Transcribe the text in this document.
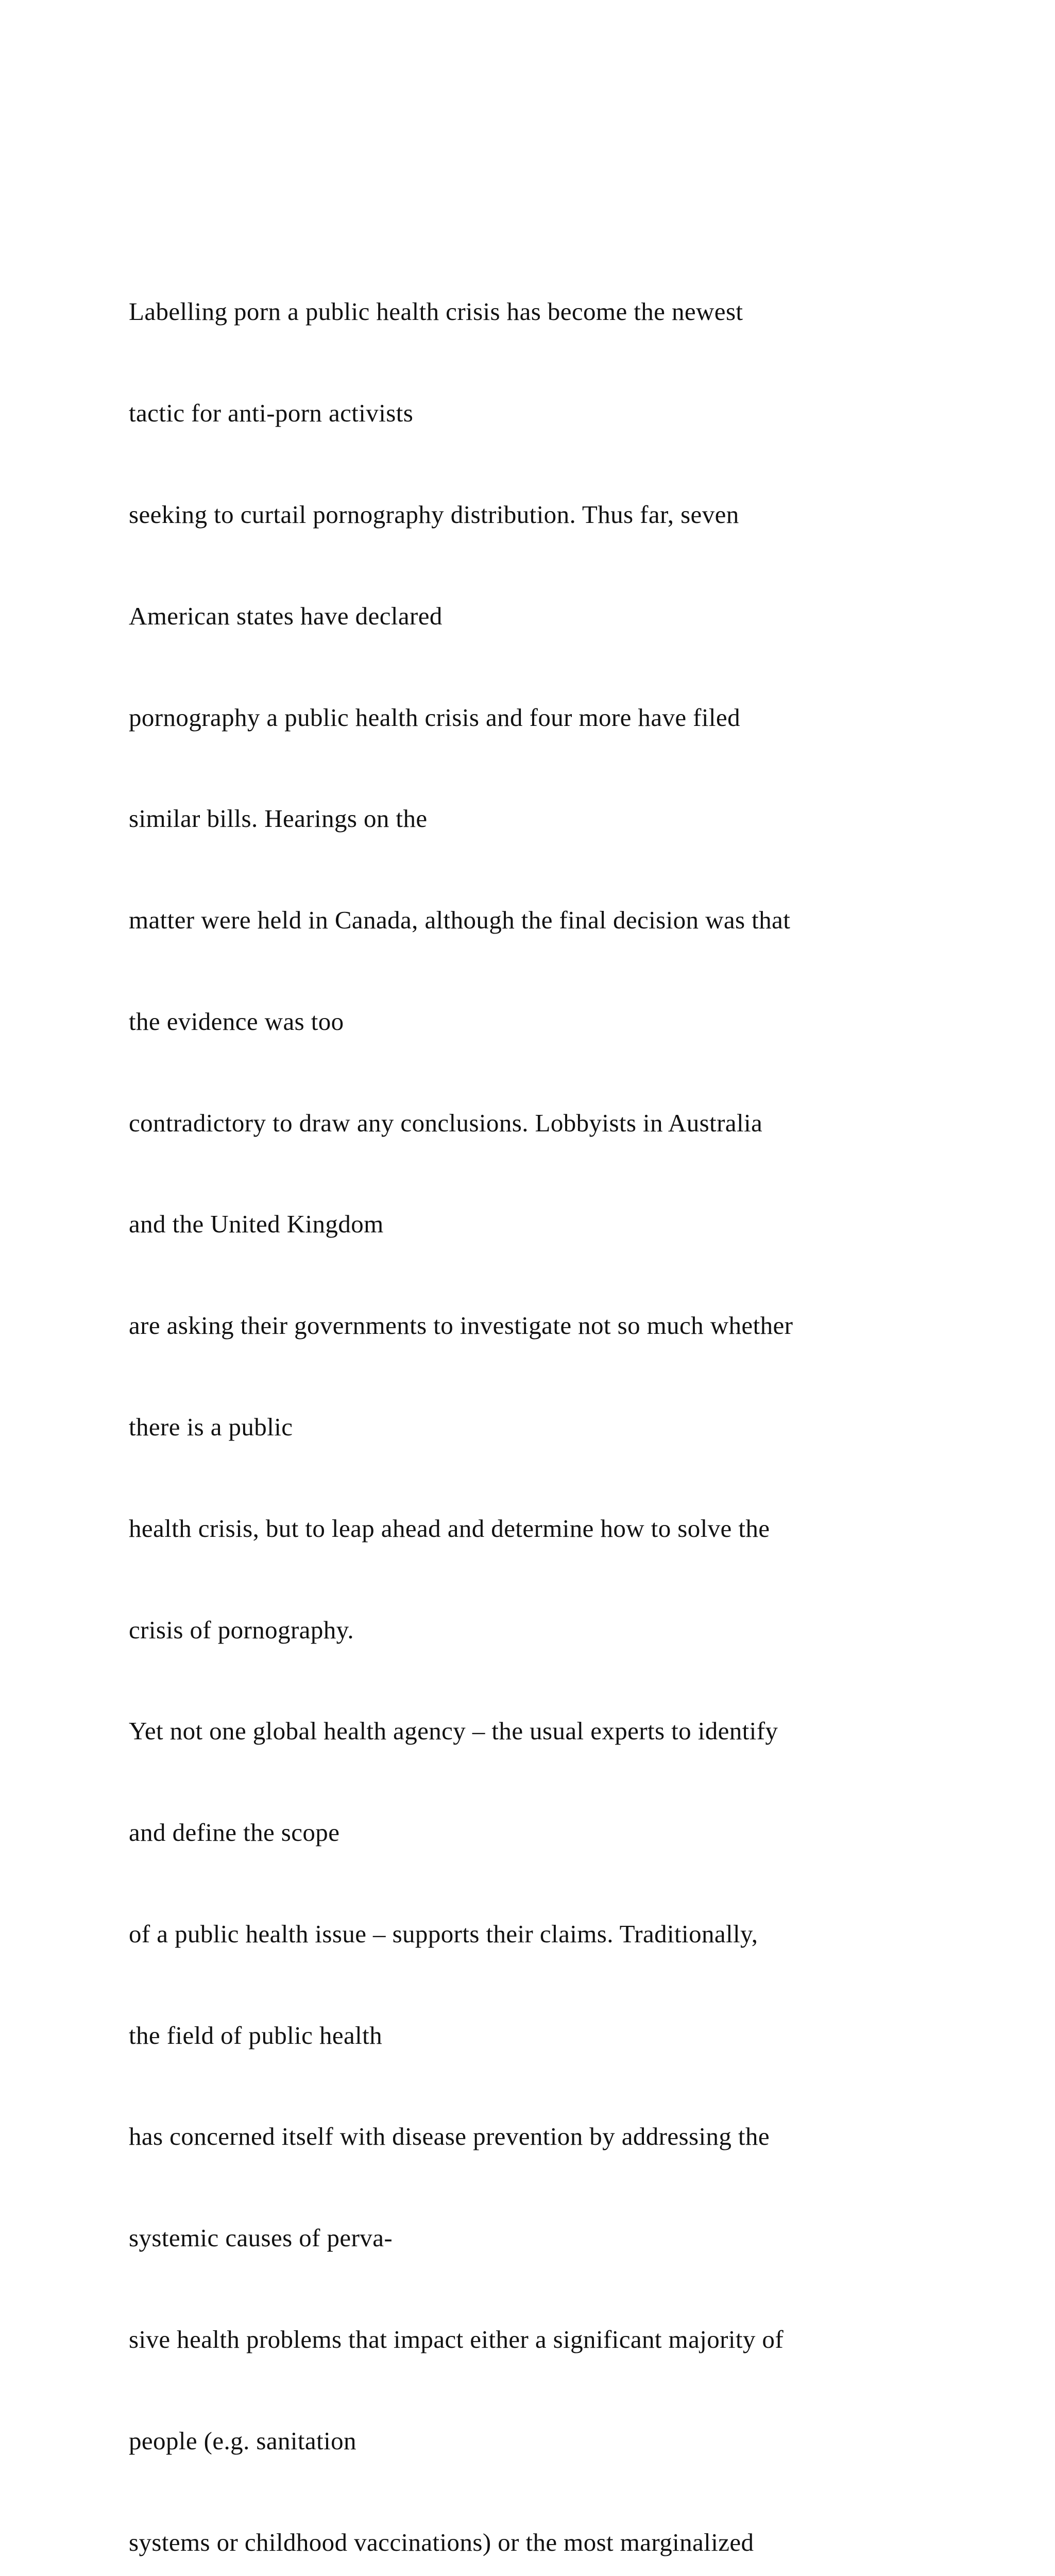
Labelling porn a public health crisis has become the newest

tactic for anti-porn activists

seeking to curtail pornography distribution. Thus far, seven

American states have declared

pornography a public health crisis and four more have filed

similar bills. Hearings on the

matter were held in Canada, although the final decision was that

the evidence was too

contradictory to draw any conclusions. Lobbyists in Australia

and the United Kingdom

are asking their governments to investigate not so much whether

there is a public

health crisis, but to leap ahead and determine how to solve the

crisis of pornography.

Yet not one global health agency – the usual experts to identify

and define the scope

of a public health issue – supports their claims. Traditionally,

the field of public health

has concerned itself with disease prevention by addressing the

systemic causes of perva-

sive health problems that impact either a significant majority of

people (e.g. sanitation

systems or childhood vaccinations) or the most marginalized
